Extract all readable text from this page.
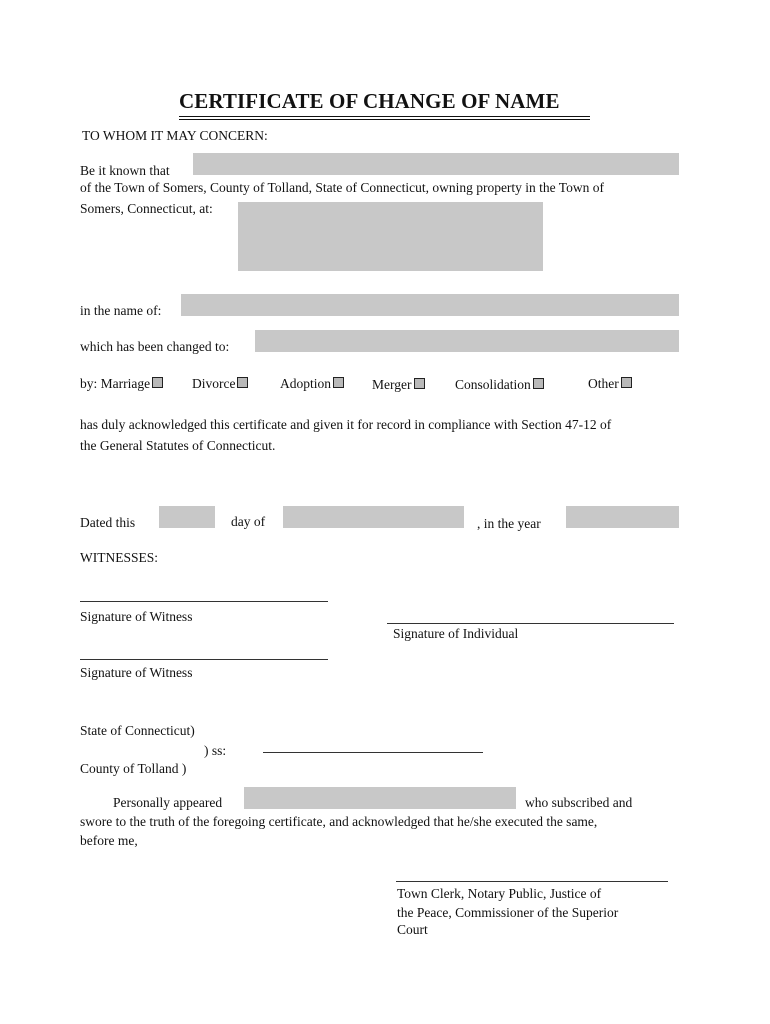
CERTIFICATE OF CHANGE OF NAME
TO WHOM IT MAY CONCERN:
Be it known that
of the Town of Somers, County of Tolland, State of Connecticut, owning property in the Town of
Somers, Connecticut, at:
in the name of:
which has been changed to:
by: Marriage	Divorce	Adoption	Merger	Consolidation	Other
has duly acknowledged this certificate and given it for record in compliance with Section 47-12 of
the General Statutes of Connecticut.
Dated this	day of	, in the year
WITNESSES:
Signature of Witness
Signature of Individual
Signature of Witness
State of Connecticut)
) ss:
County of Tolland )
Personally appeared	who subscribed and
swore to the truth of the foregoing certificate, and acknowledged that he/she executed the same,
before me,
Town Clerk, Notary Public, Justice of
the Peace, Commissioner of the Superior
Court
